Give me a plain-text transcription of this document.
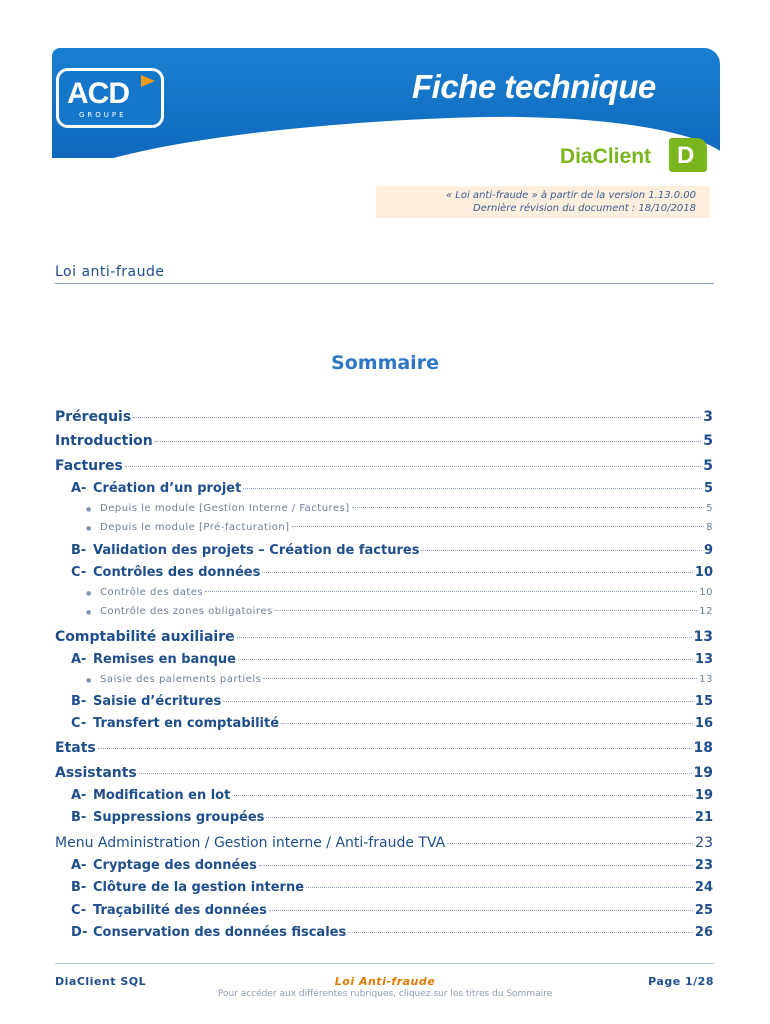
ACD
GROUPE
Fiche technique
DiaClient D
« Loi anti-fraude » à partir de la version 1.13.0.00
Dernière révision du document : 18/10/2018
Loi anti-fraude
Sommaire
Prérequis	3
Introduction	5
Factures	5
A- Création d’un projet	5
● Depuis le module [Gestion Interne / Factures]	5
● Depuis le module [Pré-facturation]	8
B- Validation des projets – Création de factures	9
C- Contrôles des données	10
● Contrôle des dates	10
● Contrôle des zones obligatoires	12
Comptabilité auxiliaire	13
A- Remises en banque	13
● Saisie des paiements partiels	13
B- Saisie d’écritures	15
C- Transfert en comptabilité	16
Etats	18
Assistants	19
A- Modification en lot	19
B- Suppressions groupées	21
Menu Administration / Gestion interne / Anti-fraude TVA	23
A- Cryptage des données	23
B- Clôture de la gestion interne	24
C- Traçabilité des données	25
D- Conservation des données fiscales	26
DiaClient SQL	Loi Anti-fraude	Page 1/28
Pour accéder aux différentes rubriques, cliquez sur les titres du Sommaire
